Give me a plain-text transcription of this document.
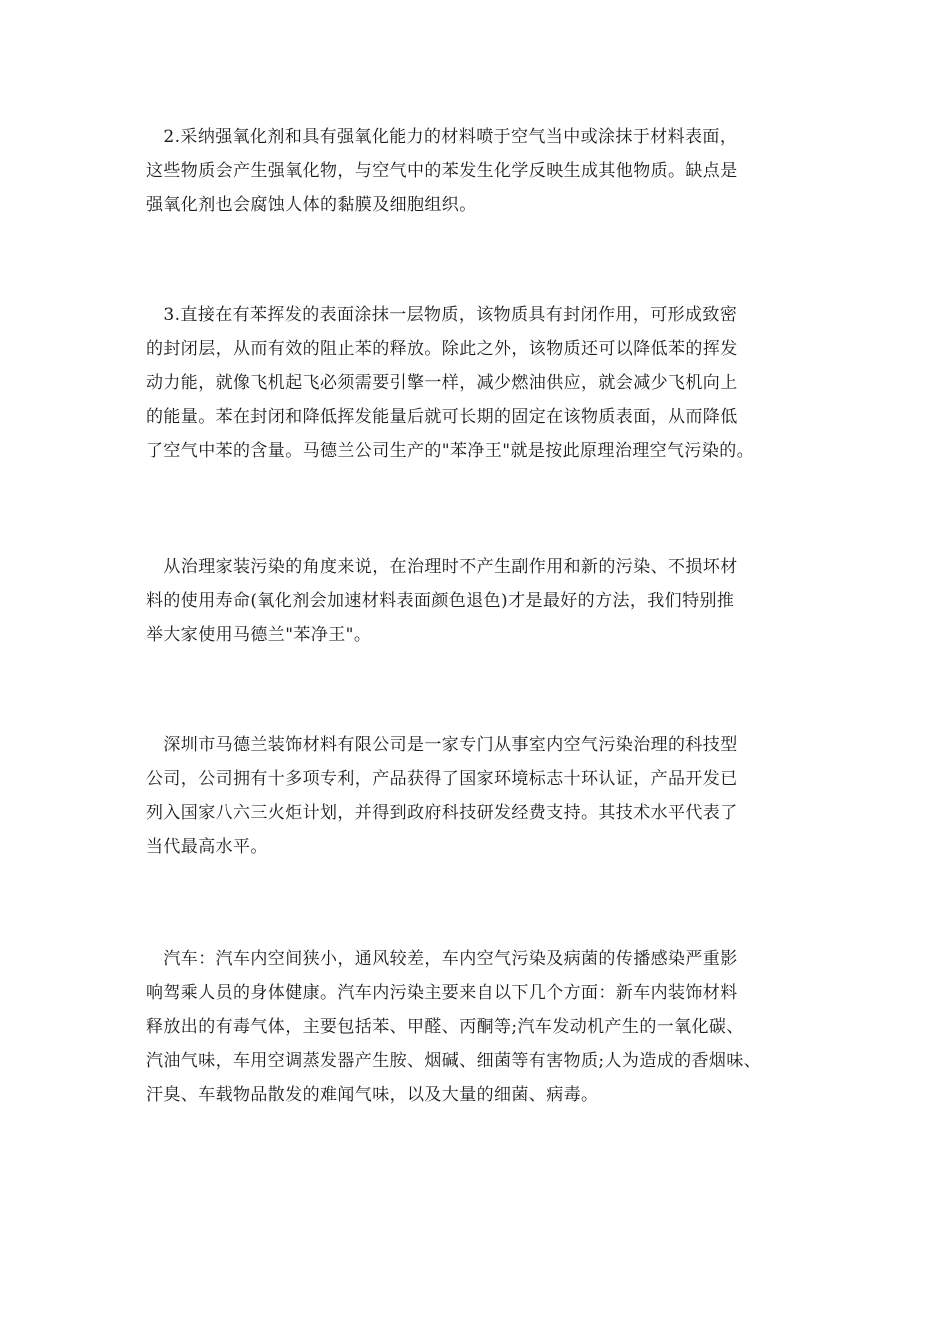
　2.采纳强氧化剂和具有强氧化能力的材料喷于空气当中或涂抹于材料表面，
这些物质会产生强氧化物，与空气中的苯发生化学反映生成其他物质。缺点是
强氧化剂也会腐蚀人体的黏膜及细胞组织。

　3.直接在有苯挥发的表面涂抹一层物质，该物质具有封闭作用，可形成致密
的封闭层，从而有效的阻止苯的释放。除此之外，该物质还可以降低苯的挥发
动力能，就像飞机起飞必须需要引擎一样，减少燃油供应，就会减少飞机向上
的能量。苯在封闭和降低挥发能量后就可长期的固定在该物质表面，从而降低
了空气中苯的含量。马德兰公司生产的"苯净王"就是按此原理治理空气污染的。

　从治理家装污染的角度来说，在治理时不产生副作用和新的污染、不损坏材
料的使用寿命(氧化剂会加速材料表面颜色退色)才是最好的方法，我们特别推
举大家使用马德兰"苯净王"。

　深圳市马德兰装饰材料有限公司是一家专门从事室内空气污染治理的科技型
公司，公司拥有十多项专利，产品获得了国家环境标志十环认证，产品开发已
列入国家八六三火炬计划，并得到政府科技研发经费支持。其技术水平代表了
当代最高水平。

　汽车：汽车内空间狭小，通风较差，车内空气污染及病菌的传播感染严重影
响驾乘人员的身体健康。汽车内污染主要来自以下几个方面：新车内装饰材料
释放出的有毒气体，主要包括苯、甲醛、丙酮等;汽车发动机产生的一氧化碳、
汽油气味，车用空调蒸发器产生胺、烟碱、细菌等有害物质;人为造成的香烟味、
汗臭、车载物品散发的难闻气味，以及大量的细菌、病毒。
